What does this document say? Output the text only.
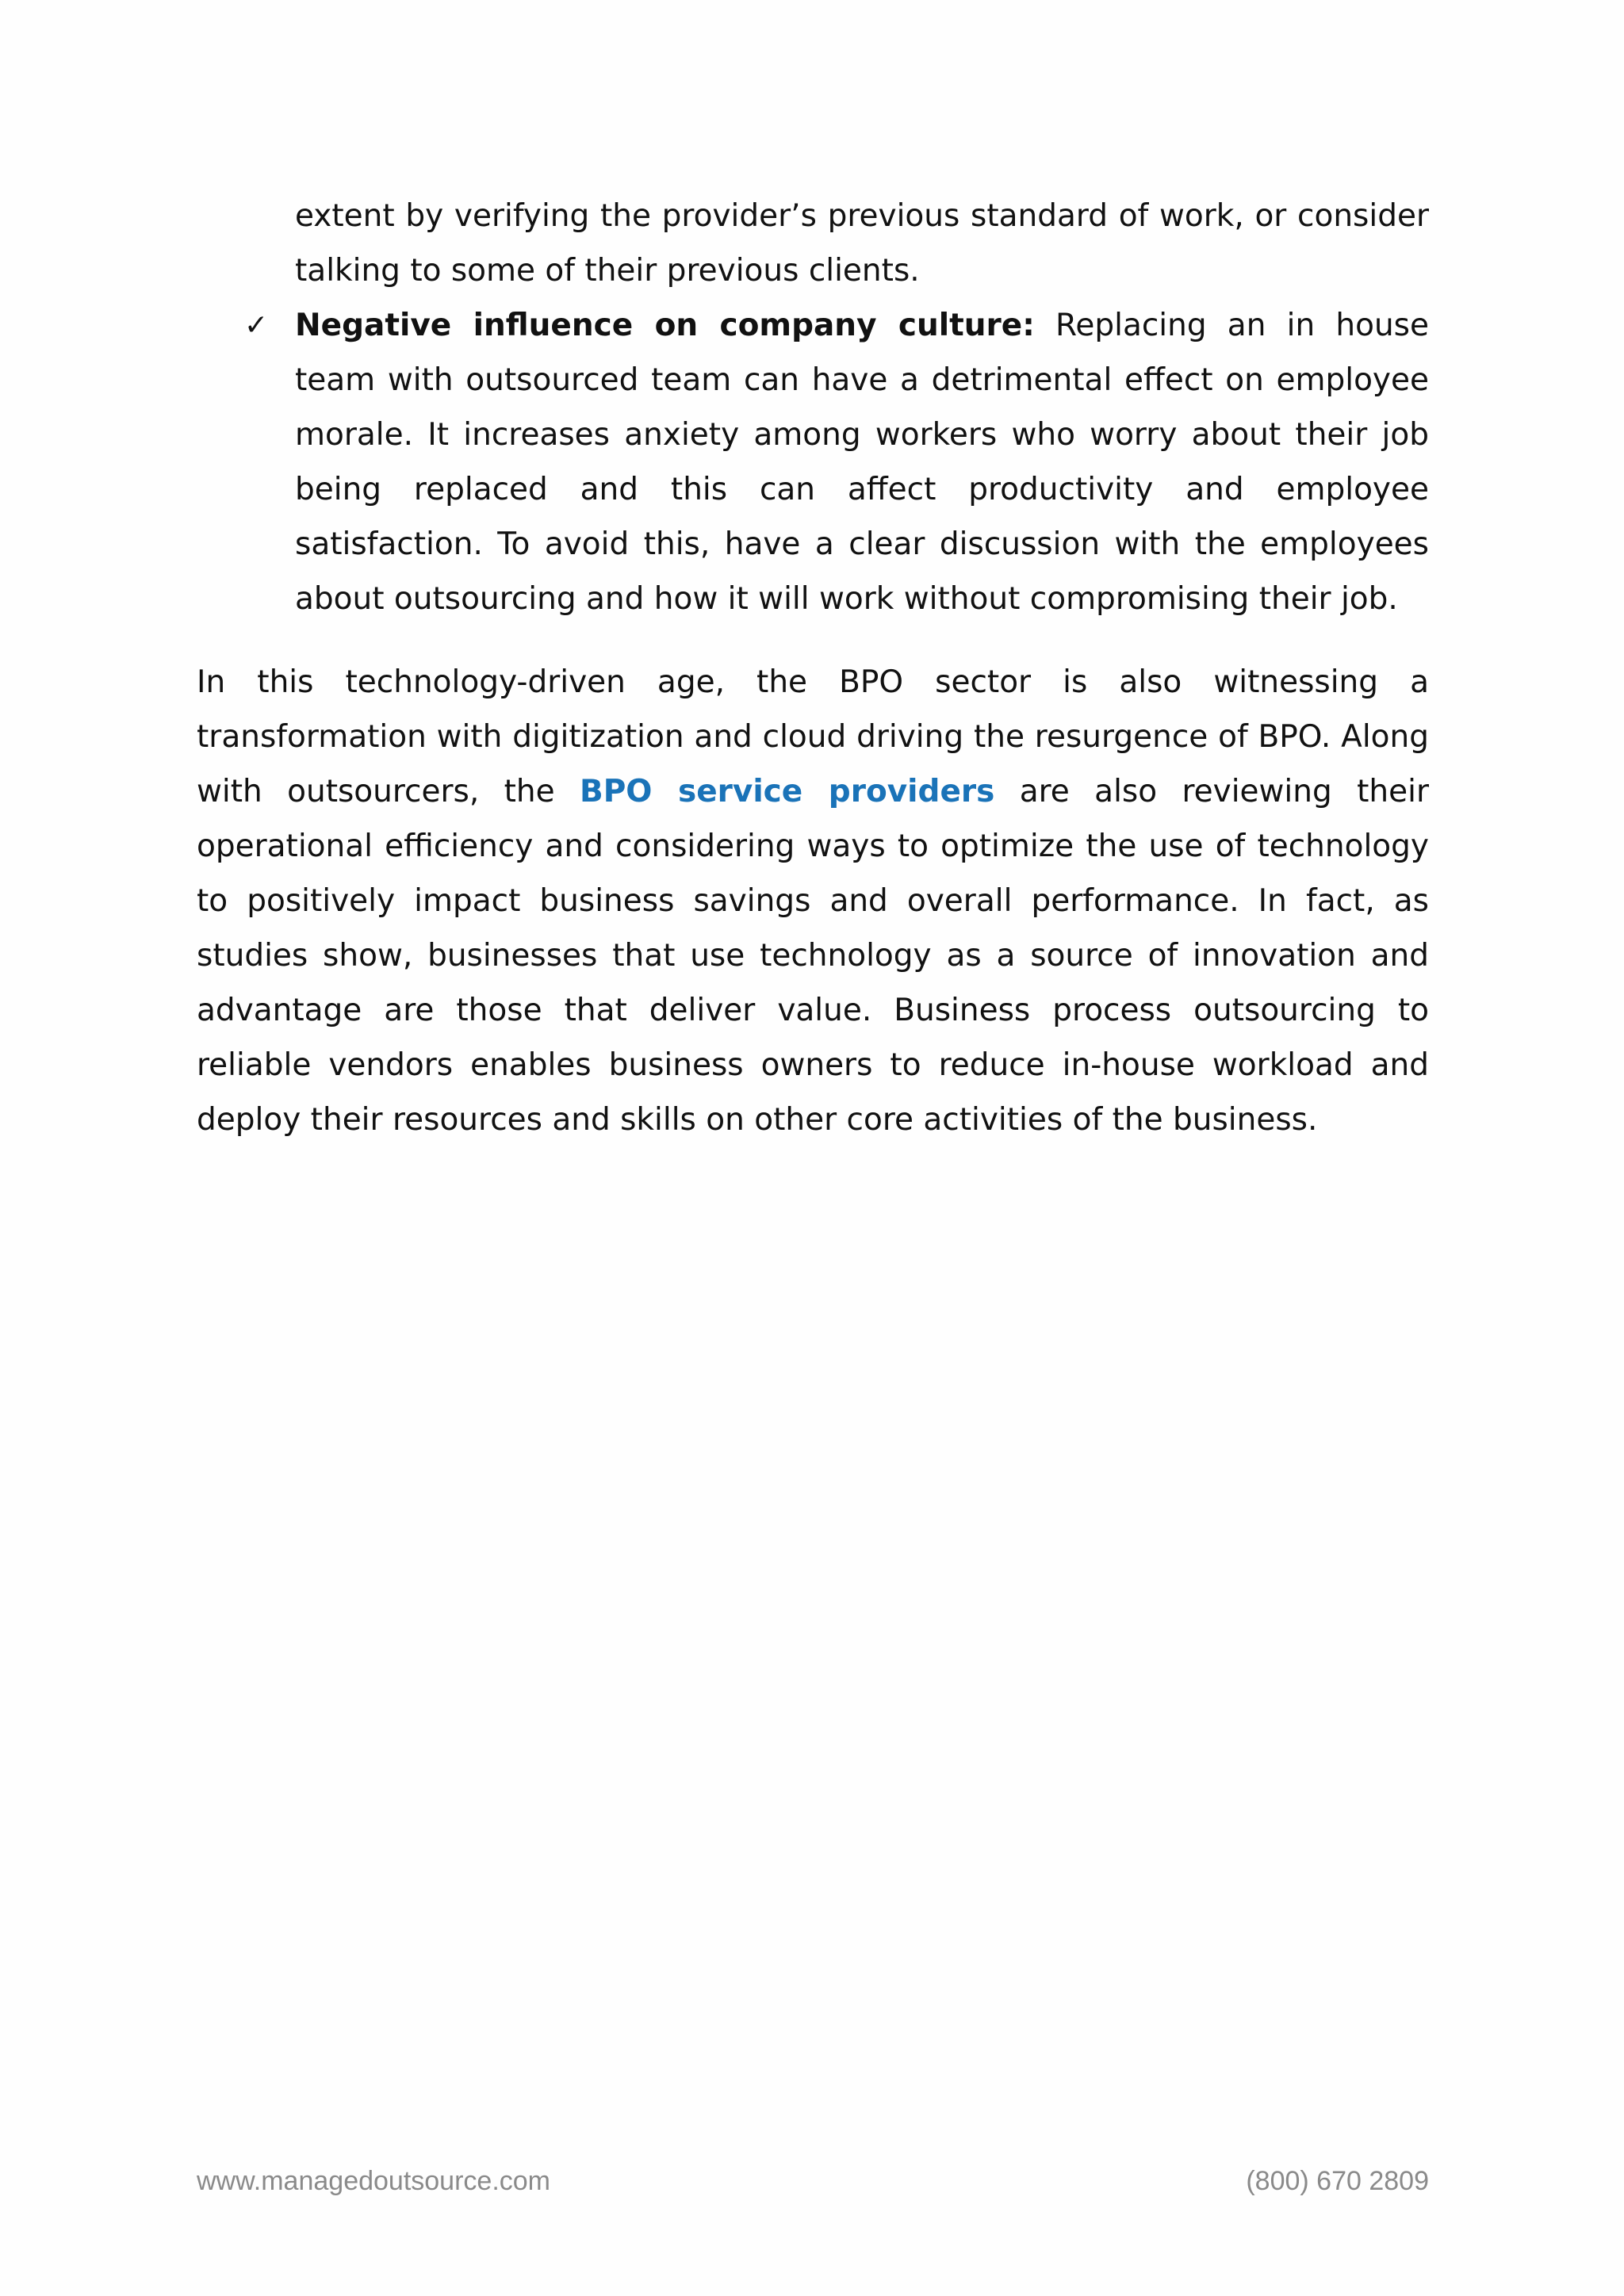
extent by verifying the provider’s previous standard of work, or consider talking to some of their previous clients.

✓ Negative influence on company culture: Replacing an in house team with outsourced team can have a detrimental effect on employee morale. It increases anxiety among workers who worry about their job being replaced and this can affect productivity and employee satisfaction. To avoid this, have a clear discussion with the employees about outsourcing and how it will work without compromising their job.

In this technology-driven age, the BPO sector is also witnessing a transformation with digitization and cloud driving the resurgence of BPO. Along with outsourcers, the BPO service providers are also reviewing their operational efficiency and considering ways to optimize the use of technology to positively impact business savings and overall performance. In fact, as studies show, businesses that use technology as a source of innovation and advantage are those that deliver value. Business process outsourcing to reliable vendors enables business owners to reduce in-house workload and deploy their resources and skills on other core activities of the business.

www.managedoutsource.com	(800) 670 2809
